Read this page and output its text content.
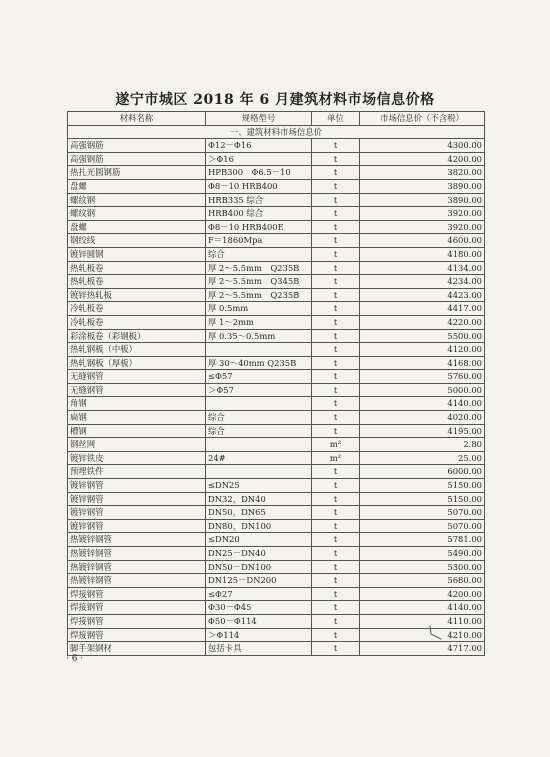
遂宁市城区 2018 年 6 月建筑材料市场信息价格
材料名称	规格型号	单位	市场信息价（不含税）
一、建筑材料市场信息价			
高强钢筋	Φ12－Φ16	t	4300.00
高强钢筋	＞Φ16	t	4200.00
热扎光圆钢筋	HPB300　Φ6.5－10	t	3820.00
盘螺	Φ8－10 HRB400	t	3890.00
螺纹钢	HRB335 综合	t	3890.00
螺纹钢	HRB400 综合	t	3920.00
盘螺	Φ8－10 HRB400E	t	3920.00
钢绞线	F＝1860Mpa	t	4600.00
镀锌圆钢	综合	t	4180.00
热轧板卷	厚 2～5.5mm　Q235B	t	4134.00
热轧板卷	厚 2～5.5mm　Q345B	t	4234.00
镀锌热轧板	厚 2～5.5mm　Q235B	t	4423.00
冷轧板卷	厚 0.5mm	t	4417.00
冷轧板卷	厚 1～2mm	t	4220.00
彩涂板卷（彩钢板）	厚 0.35～0.5mm	t	5500.00
热轧钢板（中板）		t	4120.00
热轧钢板（厚板）	厚 30～40mm Q235B	t	4168.00
无缝钢管	≤Φ57	t	5760.00
无缝钢管	＞Φ57	t	5000.00
角钢		t	4140.00
扁钢	综合	t	4020.00
槽钢	综合	t	4195.00
钢丝网		m²	2.80
镀锌铁皮	24#	m²	25.00
预埋铁件		t	6000.00
镀锌钢管	≤DN25	t	5150.00
镀锌钢管	DN32，DN40	t	5150.00
镀锌钢管	DN50，DN65	t	5070.00
镀锌钢管	DN80，DN100	t	5070.00
热镀锌钢管	≤DN20	t	5781.00
热镀锌钢管	DN25－DN40	t	5490.00
热镀锌钢管	DN50－DN100	t	5300.00
热镀锌钢管	DN125－DN200	t	5680.00
焊接钢管	≤Φ27	t	4200.00
焊接钢管	Φ30－Φ45	t	4140.00
焊接钢管	Φ50－Φ114	t	4110.00
焊接钢管	＞Φ114	t	4210.00
脚手架钢材	包括卡具	t	4717.00
· 6 ·
